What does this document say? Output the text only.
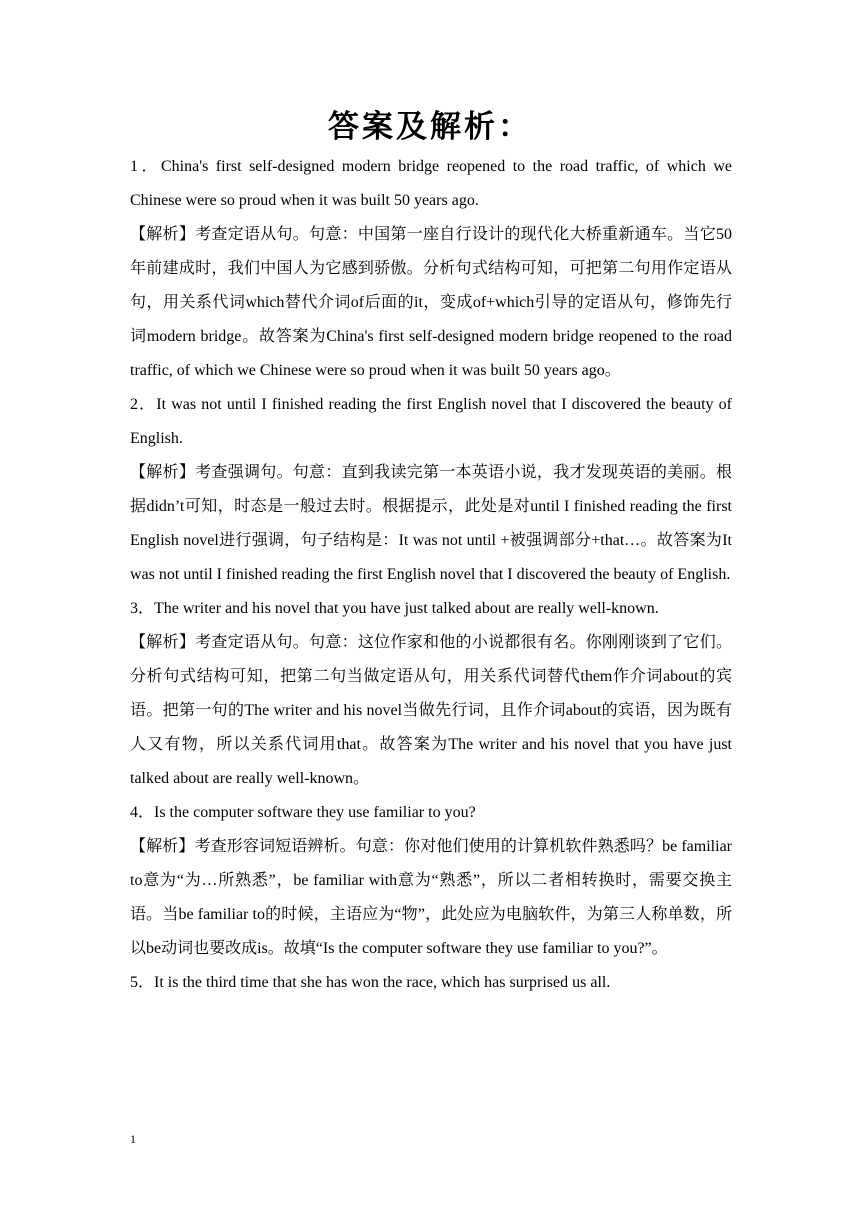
答案及解析：

1．China's first self-designed modern bridge reopened to the road traffic, of which we Chinese were so proud when it was built 50 years ago.

【解析】考查定语从句。句意：中国第一座自行设计的现代化大桥重新通车。当它50年前建成时，我们中国人为它感到骄傲。分析句式结构可知，可把第二句用作定语从句，用关系代词which替代介词of后面的it，变成of+which引导的定语从句，修饰先行词modern bridge。故答案为China's first self-designed modern bridge reopened to the road traffic, of which we Chinese were so proud when it was built 50 years ago。

2．It was not until I finished reading the first English novel that I discovered the beauty of English.

【解析】考查强调句。句意：直到我读完第一本英语小说，我才发现英语的美丽。根据didn’t可知，时态是一般过去时。根据提示，此处是对until I finished reading the first English novel进行强调，句子结构是：It was not until +被强调部分+that…。故答案为It was not until I finished reading the first English novel that I discovered the beauty of English.

3．The writer and his novel that you have just talked about are really well-known.

【解析】考查定语从句。句意：这位作家和他的小说都很有名。你刚刚谈到了它们。 分析句式结构可知，把第二句当做定语从句，用关系代词替代them作介词about的宾语。把第一句的The writer and his novel当做先行词，且作介词about的宾语，因为既有人又有物，所以关系代词用that。故答案为The writer and his novel that you have just talked about are really well-known。

4．Is the computer software they use familiar to you?

【解析】考查形容词短语辨析。句意：你对他们使用的计算机软件熟悉吗？be familiar to意为“为…所熟悉”，be familiar with意为“熟悉”，所以二者相转换时，需要交换主语。当be familiar to的时候，主语应为“物”，此处应为电脑软件，为第三人称单数，所以be动词也要改成is。故填“Is the computer software they use familiar to you?”。

5．It is the third time that she has won the race, which has surprised us all.

1
